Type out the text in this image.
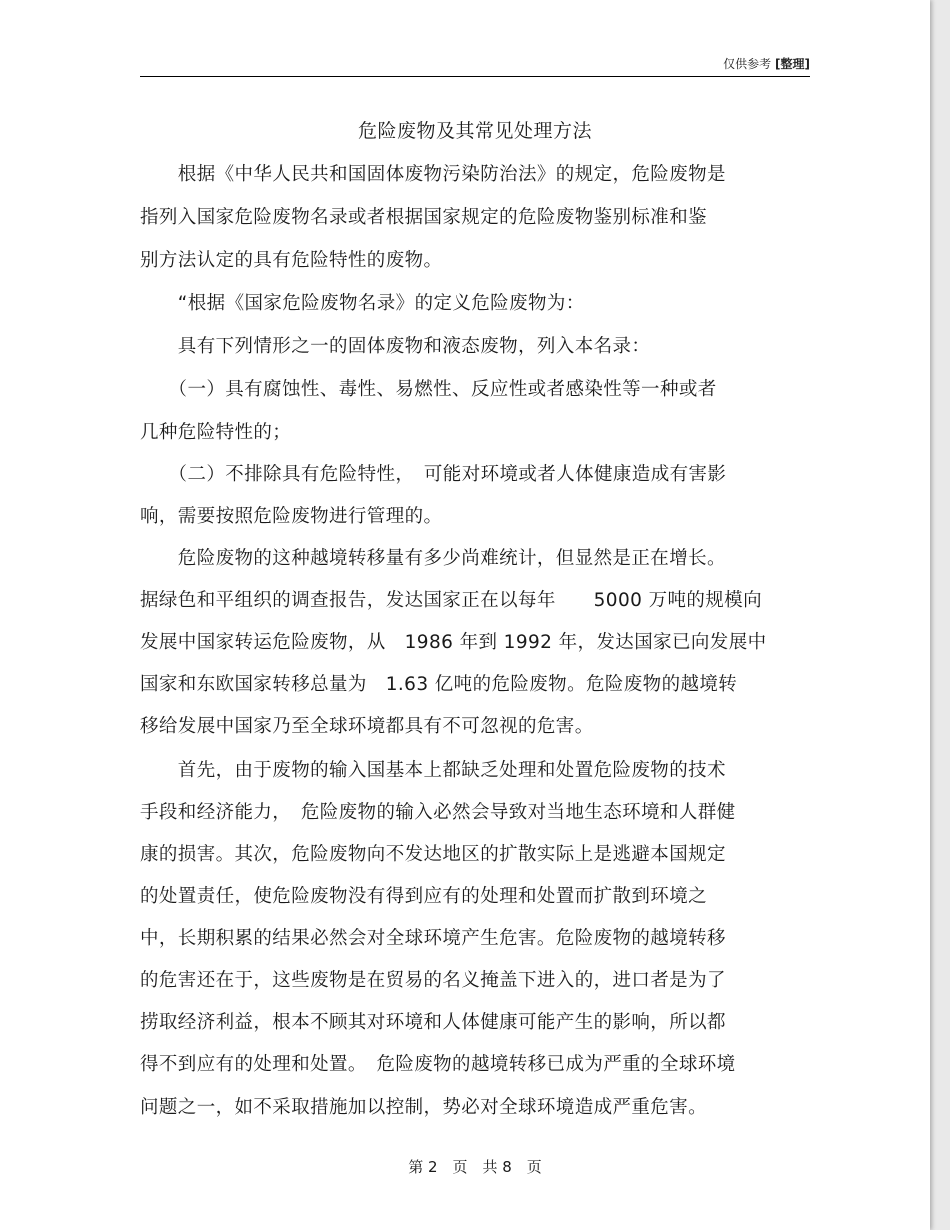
仅供参考 [整理]
危险废物及其常见处理方法
　　根据《中华人民共和国固体废物污染防治法》的规定，危险废物是
指列入国家危险废物名录或者根据国家规定的危险废物鉴别标准和鉴
别方法认定的具有危险特性的废物。
　　“根据《国家危险废物名录》的定义危险废物为：
　　具有下列情形之一的固体废物和液态废物，列入本名录：
　　（一）具有腐蚀性、毒性、易燃性、反应性或者感染性等一种或者
几种危险特性的；
　　（二）不排除具有危险特性，　可能对环境或者人体健康造成有害影
响，需要按照危险废物进行管理的。
　　危险废物的这种越境转移量有多少尚难统计，但显然是正在增长。
据绿色和平组织的调查报告，发达国家正在以每年　　5000 万吨的规模向
发展中国家转运危险废物，从　1986 年到 1992 年，发达国家已向发展中
国家和东欧国家转移总量为　1.63 亿吨的危险废物。危险废物的越境转
移给发展中国家乃至全球环境都具有不可忽视的危害。
　　首先，由于废物的输入国基本上都缺乏处理和处置危险废物的技术
手段和经济能力，　危险废物的输入必然会导致对当地生态环境和人群健
康的损害。其次，危险废物向不发达地区的扩散实际上是逃避本国规定
的处置责任，使危险废物没有得到应有的处理和处置而扩散到环境之
中，长期积累的结果必然会对全球环境产生危害。危险废物的越境转移
的危害还在于，这些废物是在贸易的名义掩盖下进入的，进口者是为了
捞取经济利益，根本不顾其对环境和人体健康可能产生的影响，所以都
得不到应有的处理和处置。　危险废物的越境转移已成为严重的全球环境
问题之一，如不采取措施加以控制，势必对全球环境造成严重危害。
第 2　页　共 8　页
